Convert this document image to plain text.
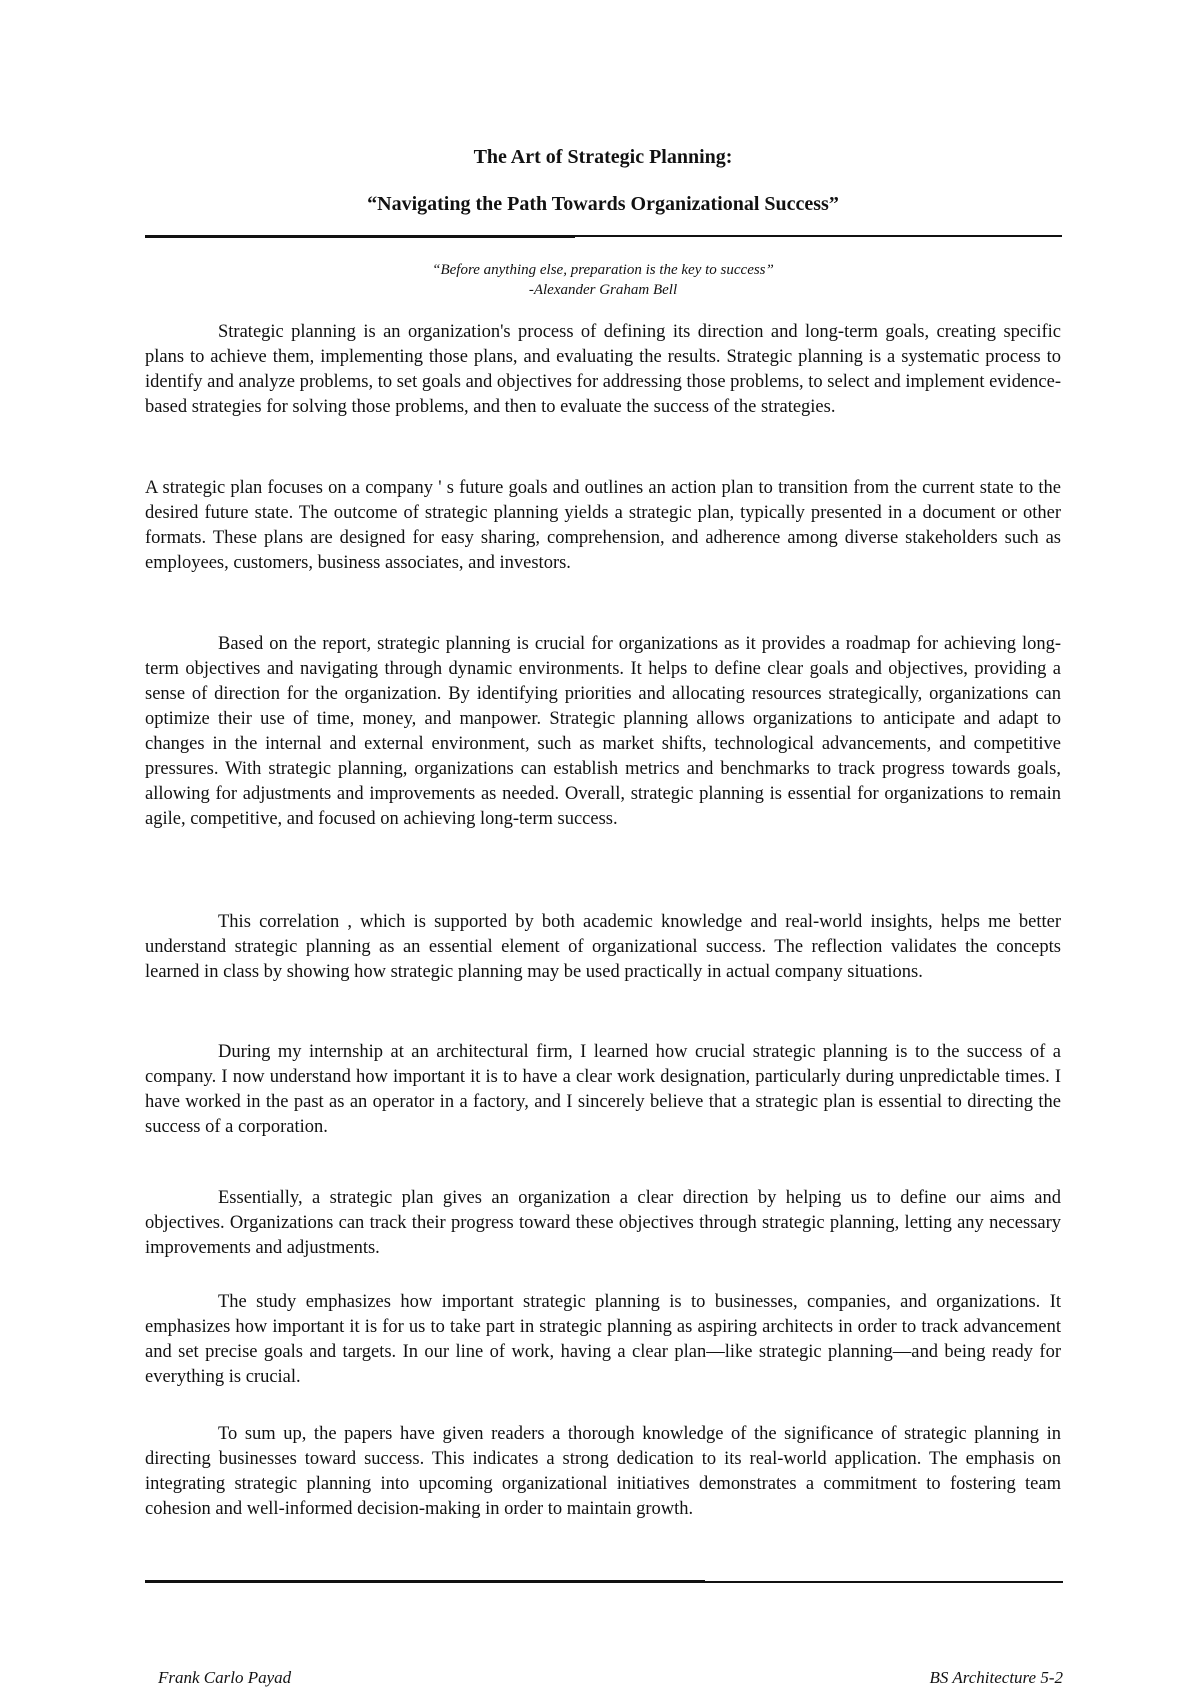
The Art of Strategic Planning:
“Navigating the Path Towards Organizational Success”
“Before anything else, preparation is the key to success”
-Alexander Graham Bell
Strategic planning is an organization's process of defining its direction and long-term goals, creating specific plans to achieve them, implementing those plans, and evaluating the results. Strategic planning is a systematic process to identify and analyze problems, to set goals and objectives for addressing those problems, to select and implement evidence-based strategies for solving those problems, and then to evaluate the success of the strategies.
A strategic plan focuses on a company ' s future goals and outlines an action plan to transition from the current state to the desired future state. The outcome of strategic planning yields a strategic plan, typically presented in a document or other formats. These plans are designed for easy sharing, comprehension, and adherence among diverse stakeholders such as employees, customers, business associates, and investors.
Based on the report, strategic planning is crucial for organizations as it provides a roadmap for achieving long-term objectives and navigating through dynamic environments. It helps to define clear goals and objectives, providing a sense of direction for the organization. By identifying priorities and allocating resources strategically, organizations can optimize their use of time, money, and manpower. Strategic planning allows organizations to anticipate and adapt to changes in the internal and external environment, such as market shifts, technological advancements, and competitive pressures. With strategic planning, organizations can establish metrics and benchmarks to track progress towards goals, allowing for adjustments and improvements as needed. Overall, strategic planning is essential for organizations to remain agile, competitive, and focused on achieving long-term success.
This correlation , which is supported by both academic knowledge and real-world insights, helps me better understand strategic planning as an essential element of organizational success. The reflection validates the concepts learned in class by showing how strategic planning may be used practically in actual company situations.
During my internship at an architectural firm, I learned how crucial strategic planning is to the success of a company. I now understand how important it is to have a clear work designation, particularly during unpredictable times. I have worked in the past as an operator in a factory, and I sincerely believe that a strategic plan is essential to directing the success of a corporation.
Essentially, a strategic plan gives an organization a clear direction by helping us to define our aims and objectives. Organizations can track their progress toward these objectives through strategic planning, letting any necessary improvements and adjustments.
The study emphasizes how important strategic planning is to businesses, companies, and organizations. It emphasizes how important it is for us to take part in strategic planning as aspiring architects in order to track advancement and set precise goals and targets. In our line of work, having a clear plan—like strategic planning—and being ready for everything is crucial.
To sum up, the papers have given readers a thorough knowledge of the significance of strategic planning in directing businesses toward success. This indicates a strong dedication to its real-world application. The emphasis on integrating strategic planning into upcoming organizational initiatives demonstrates a commitment to fostering team cohesion and well-informed decision-making in order to maintain growth.
Frank Carlo Payad	BS Architecture 5-2
